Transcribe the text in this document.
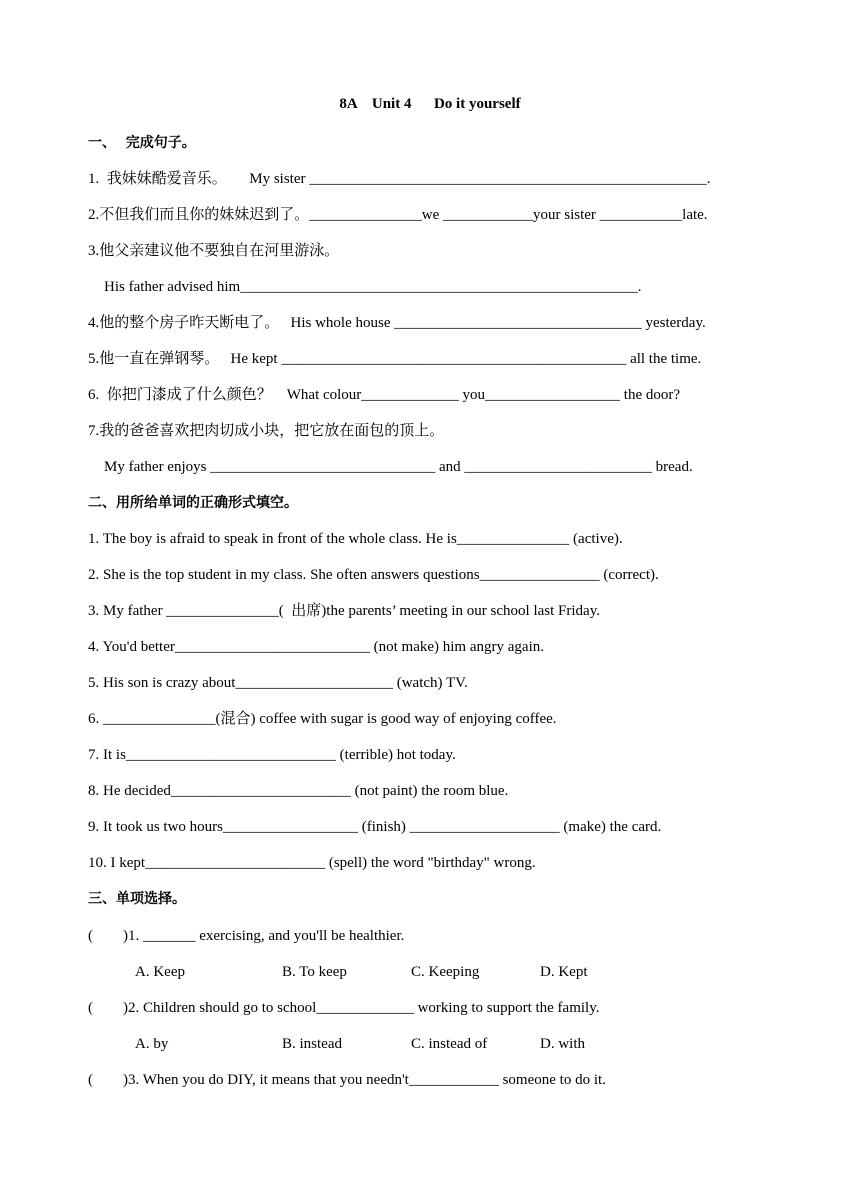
8A    Unit 4      Do it yourself
一、  完成句子。
1.  我妹妹酷爱音乐。      My sister _____________________________________________________.
2.不但我们而且你的妹妹迟到了。_______________we ____________your sister ___________late.
3.他父亲建议他不要独自在河里游泳。
His father advised him_____________________________________________________.
4.他的整个房子昨天断电了。   His whole house _________________________________ yesterday.
5.他一直在弹钢琴。   He kept ______________________________________________ all the time.
6.  你把门漆成了什么颜色？    What colour_____________ you__________________ the door?
7.我的爸爸喜欢把肉切成小块，把它放在面包的顶上。
My father enjoys ______________________________ and _________________________ bread.
二、用所给单词的正确形式填空。
1. The boy is afraid to speak in front of the whole class. He is_______________ (active).
2. She is the top student in my class. She often answers questions________________ (correct).
3. My father _______________(  出席)the parents’ meeting in our school last Friday.
4. You'd better__________________________ (not make) him angry again.
5. His son is crazy about_____________________ (watch) TV.
6. _______________(混合) coffee with sugar is good way of enjoying coffee.
7. It is____________________________ (terrible) hot today.
8. He decided________________________ (not paint) the room blue.
9. It took us two hours__________________ (finish) ____________________ (make) the card.
10. I kept________________________ (spell) the word "birthday" wrong.
三、单项选择。
(        )1. _______ exercising, and you'll be healthier.
A. Keep	B. To keep	C. Keeping	D. Kept
(        )2. Children should go to school_____________ working to support the family.
A. by	B. instead	C. instead of	D. with
(        )3. When you do DIY, it means that you needn't____________ someone to do it.
